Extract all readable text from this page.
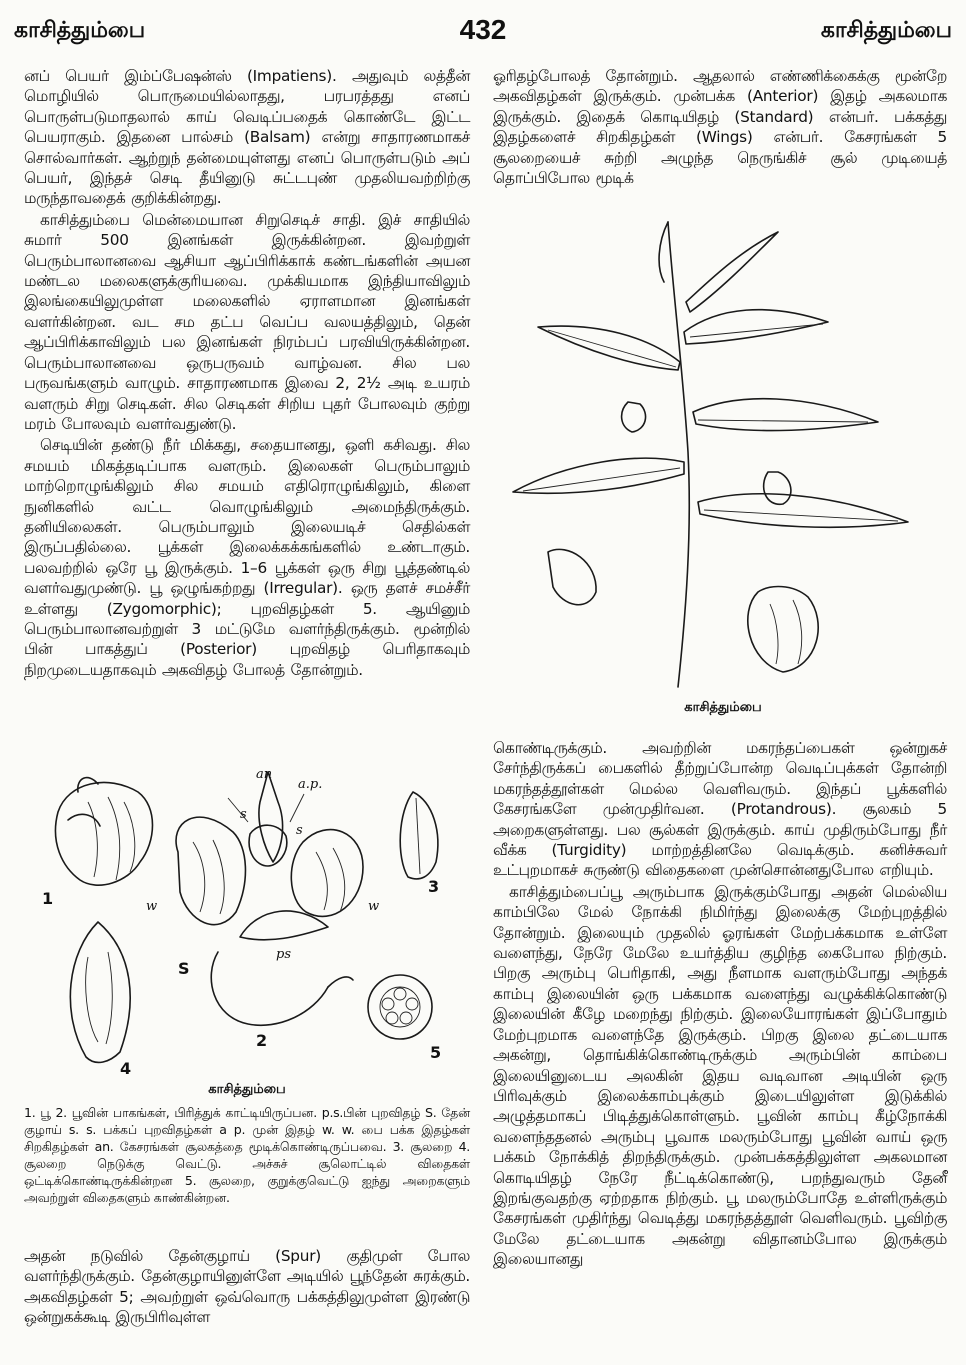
காசித்தும்பை	432	காசித்தும்பை

னப் பெயர் இம்ப்பேஷன்ஸ் (Impatiens). அதுவும் லத்தீன் மொழியில் பொருமையில்லாதது, பரபரத்தது எனப் பொருள்படுமாதலால் காய் வெடிப்பதைக் கொண்டே இட்ட பெயராகும். இதனை பால்சம் (Balsam) என்று சாதாரணமாகச் சொல்வார்கள். ஆற்றுந் தன்மையுள்ளது எனப் பொருள்படும் அப் பெயர், இந்தச் செடி தீயினுடு சுட்டபுண் முதலியவற்றிற்கு மருந்தாவதைக் குறிக்கின்றது.

காசித்தும்பை மென்மையான சிறுசெடிச் சாதி. இச் சாதியில் சுமார் 500 இனங்கள் இருக்கின்றன. இவற்றுள் பெரும்பாலானவை ஆசியா ஆப்பிரிக்காக் கண்டங்களின் அயன மண்டல மலைகளுக்குரியவை. முக்கியமாக இந்தியாவிலும் இலங்கையிலுமுள்ள மலைகளில் ஏராளமான இனங்கள் வளர்கின்றன. வட சம தட்ப வெப்ப வலயத்திலும், தென் ஆப்பிரிக்காவிலும் பல இனங்கள் நிரம்பப் பரவியிருக்கின்றன. பெரும்பாலானவை ஒருபருவம் வாழ்வன. சில பல பருவங்களும் வாழும். சாதாரணமாக இவை 2, 2½ அடி உயரம் வளரும் சிறு செடிகள். சில செடிகள் சிறிய புதர் போலவும் குற்று மரம் போலவும் வளர்வதுண்டு.

செடியின் தண்டு நீர் மிக்கது, சதையானது, ஒளி கசிவது. சில சமயம் மிகத்தடிப்பாக வளரும். இலைகள் பெரும்பாலும் மாற்றொழுங்கிலும் சில சமயம் எதிரொழுங்கிலும், கிளை நுனிகளில் வட்ட வொழுங்கிலும் அமைந்திருக்கும். தனியிலைகள். பெரும்பாலும் இலையடிச் செதில்கள் இருப்பதில்லை. பூக்கள் இலைக்கக்கங்களில் உண்டாகும். பலவற்றில் ஒரே பூ இருக்கும். 1–6 பூக்கள் ஒரு சிறு பூத்தண்டில் வளர்வதுமுண்டு. பூ ஒழுங்கற்றது (Irregular). ஒரு தளச் சமச்சீர் உள்ளது (Zygomorphic); புறவிதழ்கள் 5. ஆயினும் பெரும்பாலானவற்றுள் 3 மட்டுமே வளர்ந்திருக்கும். மூன்றில் பின் பாகத்துப் (Posterior) புறவிதழ் பெரிதாகவும் நிறமுடையதாகவும் அகவிதழ் போலத் தோன்றும்.

1
an
a.p.
s
s
w	w
S
ps
2
3
4
5
காசித்தும்பை
1. பூ 2. பூவின் பாகங்கள், பிரித்துக் காட்டியிருப்பன. p.s.பின் புறவிதழ் S. தேன் குழாய் s. s. பக்கப் புறவிதழ்கள் a p. முன் இதழ் w. w. பை பக்க இதழ்கள் சிறகிதழ்கள் an. கேசரங்கள் சூலகத்தை மூடிக்கொண்டிருப்பவை. 3. சூலறை 4. சூலறை நெடுக்கு வெட்டு. அச்சுச் சூலொட்டில் விதைகள் ஒட்டிக்கொண்டிருக்கின்றன 5. சூலறை, குறுக்குவெட்டு ஐந்து அறைகளும் அவற்றுள் விதைகளும் காண்கின்றன.

அதன் நடுவில் தேன்குழாய் (Spur) குதிமுள் போல வளர்ந்திருக்கும். தேன்குழாயினுள்ளே அடியில் பூந்தேன் சுரக்கும். அகவிதழ்கள் 5; அவற்றுள் ஒவ்வொரு பக்கத்திலுமுள்ள இரண்டு ஒன்றுகக்கூடி இருபிரிவுள்ள

ஓரிதழ்போலத் தோன்றும். ஆதலால் எண்ணிக்கைக்கு மூன்றே அகவிதழ்கள் இருக்கும். முன்பக்க (Anterior) இதழ் அகலமாக இருக்கும். இதைக் கொடியிதழ் (Standard) என்பர். பக்கத்து இதழ்களைச் சிறகிதழ்கள் (Wings) என்பர். கேசரங்கள் 5 சூலறையைச் சுற்றி அழுந்த நெருங்கிச் சூல் முடியைத் தொப்பிபோல மூடிக்

காசித்தும்பை

கொண்டிருக்கும். அவற்றின் மகரந்தப்பைகள் ஒன்றுகச் சேர்ந்திருக்கப் பைகளில் தீற்றுப்போன்ற வெடிப்புக்கள் தோன்றி மகரந்தத்தூள்கள் மெல்ல வெளிவரும். இந்தப் பூக்களில் கேசரங்களே முன்முதிர்வன. (Protandrous). சூலகம் 5 அறைகளுள்ளது. பல சூல்கள் இருக்கும். காய் முதிரும்போது நீர் வீக்க (Turgidity) மாற்றத்தினலே வெடிக்கும். கனிச்சுவர் உட்புறமாகச் சுருண்டு விதைகளை முன்சொன்னதுபோல எறியும்.

காசித்தும்பைப்பூ அரும்பாக இருக்கும்போது அதன் மெல்லிய காம்பிலே மேல் நோக்கி நிமிர்ந்து இலைக்கு மேற்புறத்தில் தோன்றும். இலையும் முதலில் ஓரங்கள் மேற்பக்கமாக உள்ளே வளைந்து, நேரே மேலே உயர்த்திய குழிந்த கைபோல நிற்கும். பிறகு அரும்பு பெரிதாகி, அது நீளமாக வளரும்போது அந்தக் காம்பு இலையின் ஒரு பக்கமாக வளைந்து வழுக்கிக்கொண்டு இலையின் கீழே மறைந்து நிற்கும். இலையோரங்கள் இப்போதும் மேற்புறமாக வளைந்தே இருக்கும். பிறகு இலை தட்டையாக அகன்று, தொங்கிக்கொண்டிருக்கும் அரும்பின் காம்பை இலையினுடைய அலகின் இதய வடிவான அடியின் ஒரு பிரிவுக்கும் இலைக்காம்புக்கும் இடையிலுள்ள இடுக்கில் அழுத்தமாகப் பிடித்துக்கொள்ளும். பூவின் காம்பு கீழ்நோக்கி வளைந்ததனல் அரும்பு பூவாக மலரும்போது பூவின் வாய் ஒரு பக்கம் நோக்கித் திறந்திருக்கும். முன்பக்கத்திலுள்ள அகலமான கொடியிதழ் நேரே நீட்டிக்கொண்டு, பறந்துவரும் தேனீ இறங்குவதற்கு ஏற்றதாக நிற்கும். பூ மலரும்போதே உள்ளிருக்கும் கேசரங்கள் முதிர்ந்து வெடித்து மகரந்தத்தூள் வெளிவரும். பூவிற்கு மேலே தட்டையாக அகன்று விதானம்போல இருக்கும் இலையானது
